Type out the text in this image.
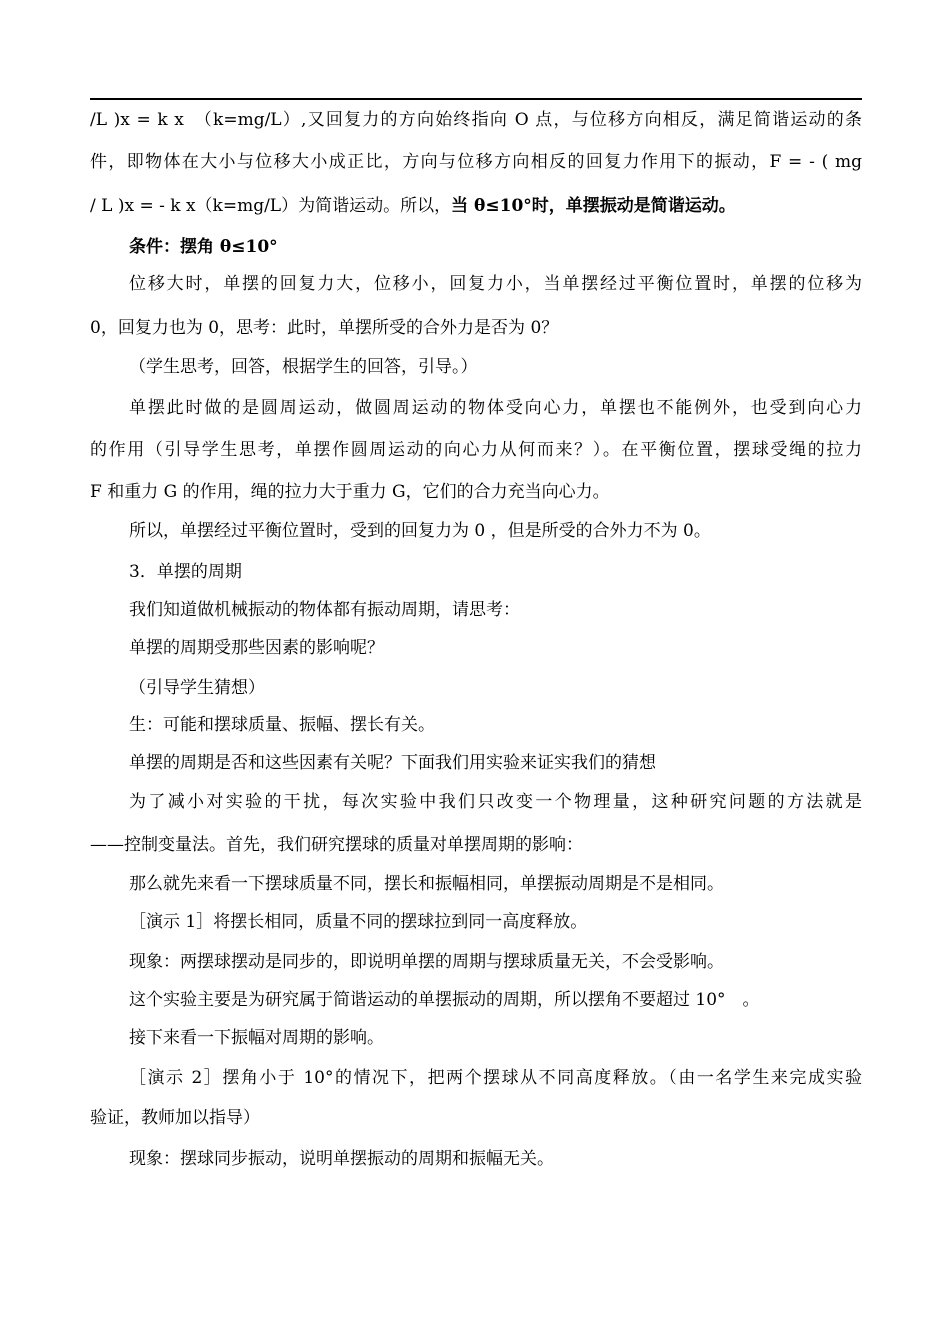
/L )x = k x　（k=mg/L）,又回复力的方向始终指向 O 点，与位移方向相反，满足简谐运动的条
件，即物体在大小与位移大小成正比，方向与位移方向相反的回复力作用下的振动，F = - ( mg
/ L )x = - k x（k=mg/L）为简谐运动。所以，当 θ≤10°时，单摆振动是简谐运动。
条件：摆角 θ≤10°
位移大时，单摆的回复力大，位移小，回复力小，当单摆经过平衡位置时，单摆的位移为
0，回复力也为 0，思考：此时，单摆所受的合外力是否为 0？
（学生思考，回答，根据学生的回答，引导。）
单摆此时做的是圆周运动，做圆周运动的物体受向心力，单摆也不能例外，也受到向心力
的作用（引导学生思考，单摆作圆周运动的向心力从何而来？）。在平衡位置，摆球受绳的拉力
F 和重力 G 的作用，绳的拉力大于重力 G，它们的合力充当向心力。
所以，单摆经过平衡位置时，受到的回复力为 0 ，但是所受的合外力不为 0。
3．单摆的周期
我们知道做机械振动的物体都有振动周期，请思考：
单摆的周期受那些因素的影响呢？
（引导学生猜想）
生：可能和摆球质量、振幅、摆长有关。
单摆的周期是否和这些因素有关呢？下面我们用实验来证实我们的猜想
为了减小对实验的干扰，每次实验中我们只改变一个物理量，这种研究问题的方法就是
——控制变量法。首先，我们研究摆球的质量对单摆周期的影响：
那么就先来看一下摆球质量不同，摆长和振幅相同，单摆振动周期是不是相同。
［演示 1］将摆长相同，质量不同的摆球拉到同一高度释放。
现象：两摆球摆动是同步的，即说明单摆的周期与摆球质量无关，不会受影响。
这个实验主要是为研究属于简谐运动的单摆振动的周期，所以摆角不要超过 10°　。
接下来看一下振幅对周期的影响。
［演示 2］摆角小于 10°的情况下，把两个摆球从不同高度释放。（由一名学生来完成实验
验证，教师加以指导）
现象：摆球同步振动，说明单摆振动的周期和振幅无关。
